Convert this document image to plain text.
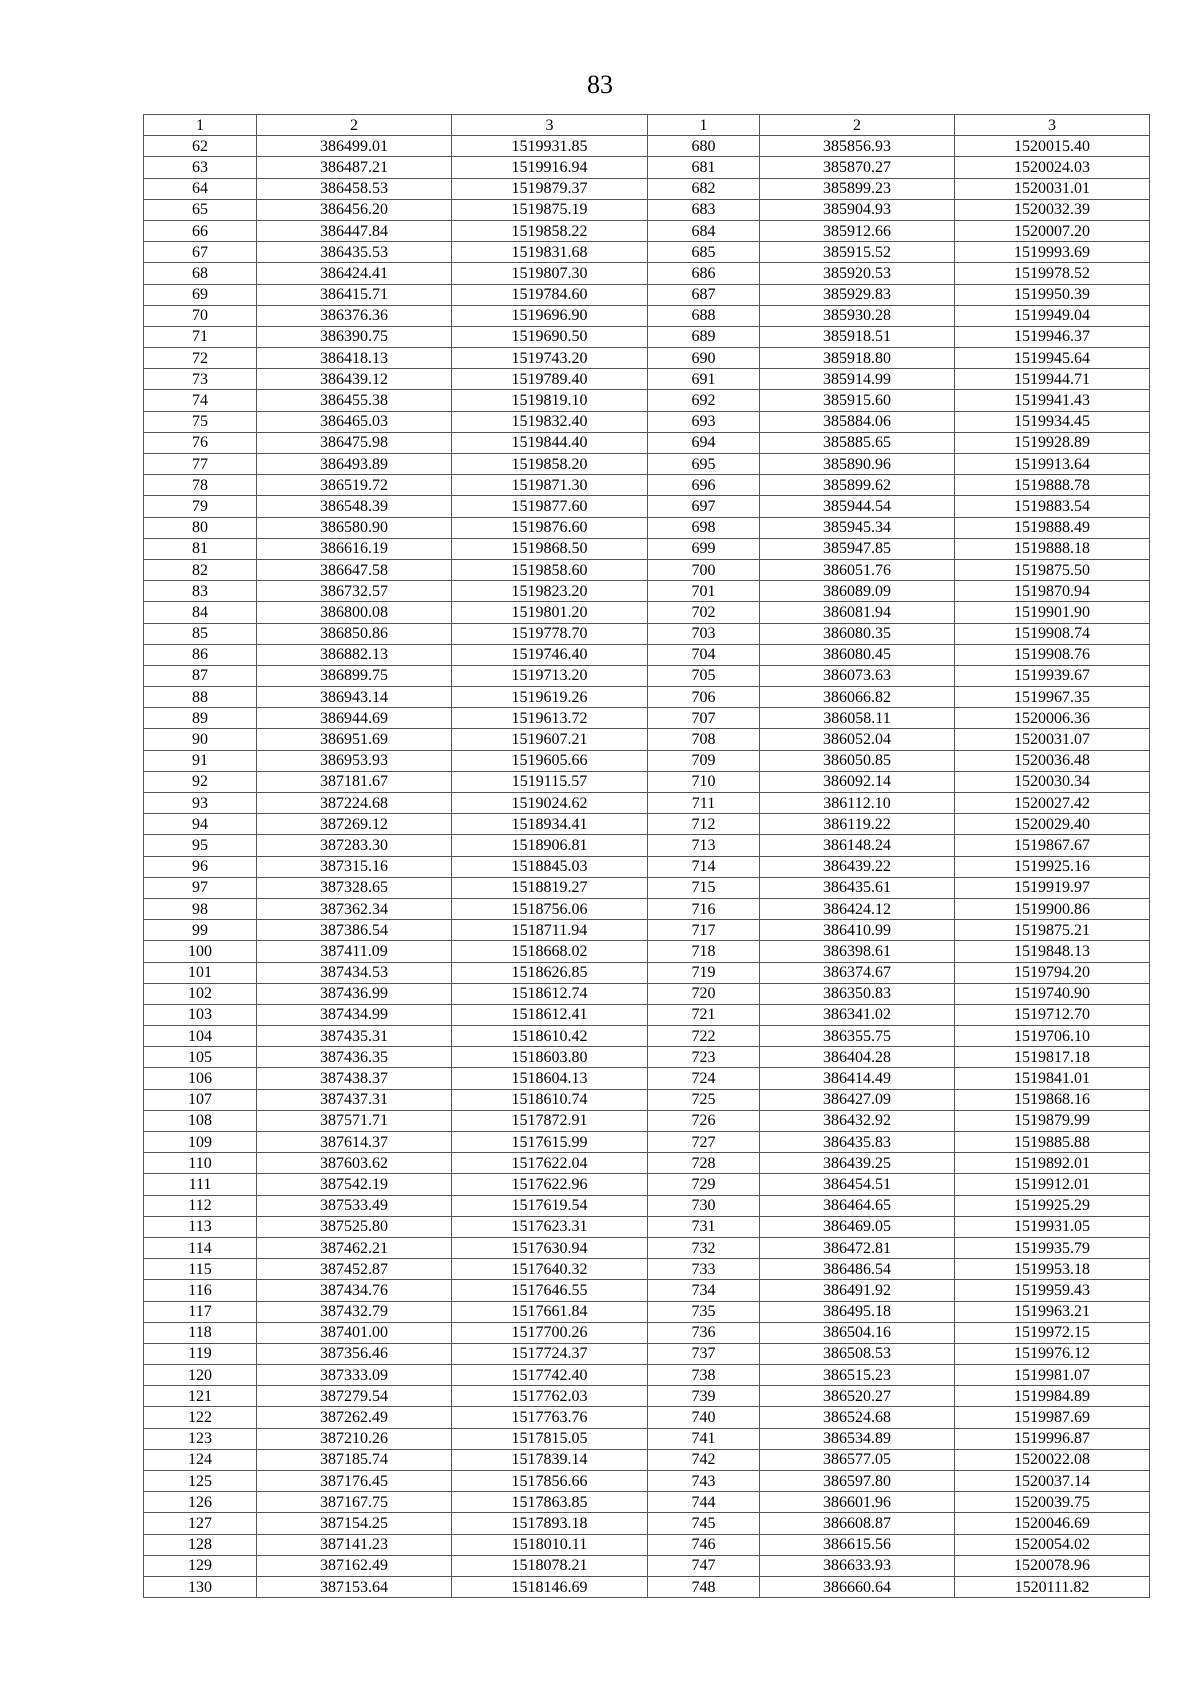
83
1	2	3	1	2	3
62	386499.01	1519931.85	680	385856.93	1520015.40
63	386487.21	1519916.94	681	385870.27	1520024.03
64	386458.53	1519879.37	682	385899.23	1520031.01
65	386456.20	1519875.19	683	385904.93	1520032.39
66	386447.84	1519858.22	684	385912.66	1520007.20
67	386435.53	1519831.68	685	385915.52	1519993.69
68	386424.41	1519807.30	686	385920.53	1519978.52
69	386415.71	1519784.60	687	385929.83	1519950.39
70	386376.36	1519696.90	688	385930.28	1519949.04
71	386390.75	1519690.50	689	385918.51	1519946.37
72	386418.13	1519743.20	690	385918.80	1519945.64
73	386439.12	1519789.40	691	385914.99	1519944.71
74	386455.38	1519819.10	692	385915.60	1519941.43
75	386465.03	1519832.40	693	385884.06	1519934.45
76	386475.98	1519844.40	694	385885.65	1519928.89
77	386493.89	1519858.20	695	385890.96	1519913.64
78	386519.72	1519871.30	696	385899.62	1519888.78
79	386548.39	1519877.60	697	385944.54	1519883.54
80	386580.90	1519876.60	698	385945.34	1519888.49
81	386616.19	1519868.50	699	385947.85	1519888.18
82	386647.58	1519858.60	700	386051.76	1519875.50
83	386732.57	1519823.20	701	386089.09	1519870.94
84	386800.08	1519801.20	702	386081.94	1519901.90
85	386850.86	1519778.70	703	386080.35	1519908.74
86	386882.13	1519746.40	704	386080.45	1519908.76
87	386899.75	1519713.20	705	386073.63	1519939.67
88	386943.14	1519619.26	706	386066.82	1519967.35
89	386944.69	1519613.72	707	386058.11	1520006.36
90	386951.69	1519607.21	708	386052.04	1520031.07
91	386953.93	1519605.66	709	386050.85	1520036.48
92	387181.67	1519115.57	710	386092.14	1520030.34
93	387224.68	1519024.62	711	386112.10	1520027.42
94	387269.12	1518934.41	712	386119.22	1520029.40
95	387283.30	1518906.81	713	386148.24	1519867.67
96	387315.16	1518845.03	714	386439.22	1519925.16
97	387328.65	1518819.27	715	386435.61	1519919.97
98	387362.34	1518756.06	716	386424.12	1519900.86
99	387386.54	1518711.94	717	386410.99	1519875.21
100	387411.09	1518668.02	718	386398.61	1519848.13
101	387434.53	1518626.85	719	386374.67	1519794.20
102	387436.99	1518612.74	720	386350.83	1519740.90
103	387434.99	1518612.41	721	386341.02	1519712.70
104	387435.31	1518610.42	722	386355.75	1519706.10
105	387436.35	1518603.80	723	386404.28	1519817.18
106	387438.37	1518604.13	724	386414.49	1519841.01
107	387437.31	1518610.74	725	386427.09	1519868.16
108	387571.71	1517872.91	726	386432.92	1519879.99
109	387614.37	1517615.99	727	386435.83	1519885.88
110	387603.62	1517622.04	728	386439.25	1519892.01
111	387542.19	1517622.96	729	386454.51	1519912.01
112	387533.49	1517619.54	730	386464.65	1519925.29
113	387525.80	1517623.31	731	386469.05	1519931.05
114	387462.21	1517630.94	732	386472.81	1519935.79
115	387452.87	1517640.32	733	386486.54	1519953.18
116	387434.76	1517646.55	734	386491.92	1519959.43
117	387432.79	1517661.84	735	386495.18	1519963.21
118	387401.00	1517700.26	736	386504.16	1519972.15
119	387356.46	1517724.37	737	386508.53	1519976.12
120	387333.09	1517742.40	738	386515.23	1519981.07
121	387279.54	1517762.03	739	386520.27	1519984.89
122	387262.49	1517763.76	740	386524.68	1519987.69
123	387210.26	1517815.05	741	386534.89	1519996.87
124	387185.74	1517839.14	742	386577.05	1520022.08
125	387176.45	1517856.66	743	386597.80	1520037.14
126	387167.75	1517863.85	744	386601.96	1520039.75
127	387154.25	1517893.18	745	386608.87	1520046.69
128	387141.23	1518010.11	746	386615.56	1520054.02
129	387162.49	1518078.21	747	386633.93	1520078.96
130	387153.64	1518146.69	748	386660.64	1520111.82
